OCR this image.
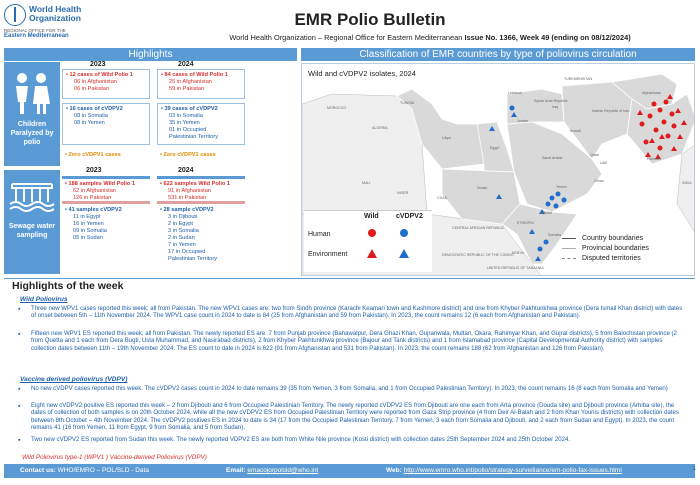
World Health Organization
REGIONAL OFFICE FOR THE
Eastern Mediterranean
EMR Polio Bulletin
World Health Organization – Regional Office for Eastern Mediterranean Issue No. 1366, Week 49 (ending on 08/12/2024)
Highlights
2023	2024
Children Paralyzed by polio
Sewage water sampling
• 12 cases of Wild Polio 1
06 in Afghanistan
06 in Pakistan
• 84 cases of Wild Polio 1
25 in Afghanistan
59 in Pakistan
• 16 cases of cVDPV2
08 in Somalia
08 in Yemen
• 39 cases of cVDPV2
03 in Somalia
35 in Yemen
01 in Occupied
Palestinian Territory
• Zero cVDPV1 cases
•	Zero cVDPV1 cases
2023	2024
• 188 samples Wild Polio 1
62 in Afghanistan
126 in Pakistan
• 622 samples Wild Polio 1
91 in Afghanistan
531 in Pakistan
• 41 samples cVDPV2
11 in Egypt
16 in Yemen
09 in Somalia
05 in Sudan
• 28 sample cVDPV2
3 in Djibouti
2 in Egypt
3 in Somalia
2 in Sudan
7 in Yemen
17 in Occupied
Palestinian Territory
Classification of EMR countries by type of poliovirus circulation
TURKMENISTAN
Syrian Arab Republic
Lebanon
Iraq
Afghanistan
Islamic Republic of Iran
Jordan
Kuwait
Pakistan
Libya
Egypt
Saudi Arabia
Qatar
UAE
Oman
Sudan	Yemen
Djibouti
Somalia
ALGERIA
MOROCCO
TUNISIA
MALI
NIGER
CHAD
ETHIOPIA
KENYA
CENTRAL AFRICAN REPUBLIC
DEMOCRATIC REPUBLIC OF THE CONGO
UNITED REPUBLIC OF TANZANIA
INDIA
Wild and cVDPV2 isolates, 2024
Wild cVDPV2
Human
Environment
Country boundaries
Provincial boundaries
Disputed territories
Highlights of the week
Wild Poliovirus
▪ Three new WPV1 cases reported this week; all from Pakistan. The new WPV1 cases are: two from Sindh province (Karachi Keamari town and Kashmore district) and one from Khyber Pakhtunkhwa province (Dera Ismail Khan district) with dates of onset between 5th – 11th November 2024. The WPV1 case count in 2024 to date is 84 (25 from Afghanistan and 59 from Pakistan). In 2023, the count remains 12 (6 each from Afghanistan and Pakistan).
▪ Fifteen new WPV1 ES reported this week; all from Pakistan. The newly reported ES are: 7 from Punjab province (Bahawalpur, Dera Ghazi Khan, Gujranwala, Multan, Okara, Rahimyar Khan, and Gujrat districts), 5 from Balochistan province (2 from Quetta and 1 each from Dera Bugti, Usta Muhammad, and Nasirabad districts), 2 from Khyber Pakhtunkhwa province (Bajour and Tank districts) and 1 from Islamabad province (Capital Developmental Authority district) with samples collection dates between 11th – 19th November 2024. The ES count to date in 2024 is 622 (91 from Afghanistan and 531 from Pakistan). In 2023, the count remains 188 (62 from Afghanistan and 126 from Pakistan).
Vaccine derived poliovirus (VDPV)
▪ No new cVDPV cases reported this week. The cVDPV2 cases count in 2024 to date remains 39 (35 from Yemen, 3 from Somalia, and 1 from Occupied Palestinian Territory). In 2023, the count remains 16 (8 each from Somalia and Yemen)
▪ Eight new cVDPV2 positive ES reported this week – 2 from Djibouti and 6 from Occupied Palestinian Territory. The newly reported cVDPV2 ES from Djibouti are one each from Arta province (Douda site) and Djibouti province (Arhiba site), the dates of collection of both samples is on 20th October 2024, while all the new cVDPV2 ES from Occupied Palestinian Territory were reported from Gaza Strip province (4 from Deir Al-Balah and 2 from Khan Younis districts) with collection dates between 8th October – 4th November 2024. The cVDPV2 positives ES in 2024 to date is 34 (17 from the Occupied Palestinian Territory, 7 from Yemen, 3 each from Somalia and Djibouti, and 2 each from Sudan and Egypt). In 2023, the count remains 41 (16 from Yemen, 11 from Egypt, 9 from Somalia, and 5 from Sudan).
▪ Two new cVDPV2 ES reported from Sudan this week. The newly reported VDPV2 ES are both from White Nile province (Kosti district) with collection dates 25th September 2024 and 25th October 2024.
Wild Poliovirus type-1 (WPV1 ) Vaccine-derived Poliovirus (VDPV)
Contact us: WHO/EMRO – POL/SLD - Data	Email: emacojorpolsld@who.int	Web: http://www.emro.who.int/polio/strategy-surveillance/em-polio-fax-issues.html	1
